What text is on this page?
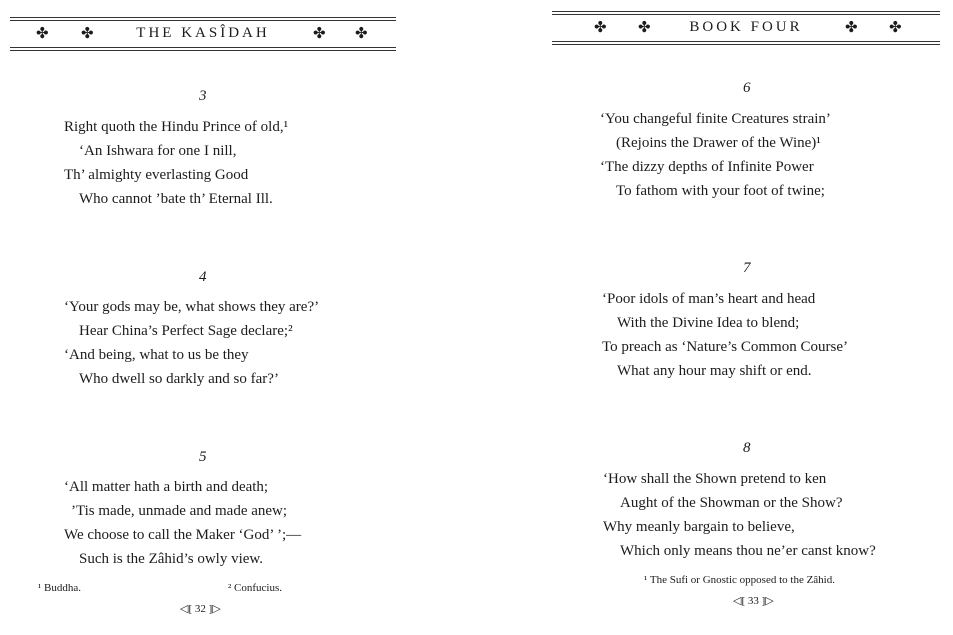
✤ ✤	THE KASÎDAH	✤ ✤
3
Right quoth the Hindu Prince of old,¹
‘An Ishwara for one I nill,
Th’ almighty everlasting Good
Who cannot ’bate th’ Eternal Ill.
4
‘Your gods may be, what shows they are?’
Hear China’s Perfect Sage declare;²
‘And being, what to us be they
Who dwell so darkly and so far?’
5
‘All matter hath a birth and death;
’Tis made, unmade and made anew;
We choose to call the Maker ‘God’ ’;—
Such is the Zâhid’s owly view.
¹ Buddha.	² Confucius.
◁[ 32 ]▷
✤ ✤	BOOK FOUR	✤ ✤
6
‘You changeful finite Creatures strain’
(Rejoins the Drawer of the Wine)¹
‘The dizzy depths of Infinite Power
To fathom with your foot of twine;
7
‘Poor idols of man’s heart and head
With the Divine Idea to blend;
To preach as ‘Nature’s Common Course’
What any hour may shift or end.
8
‘How shall the Shown pretend to ken
Aught of the Showman or the Show?
Why meanly bargain to believe,
Which only means thou ne’er canst know?
¹ The Sufi or Gnostic opposed to the Zâhid.
◁[ 33 ]▷
